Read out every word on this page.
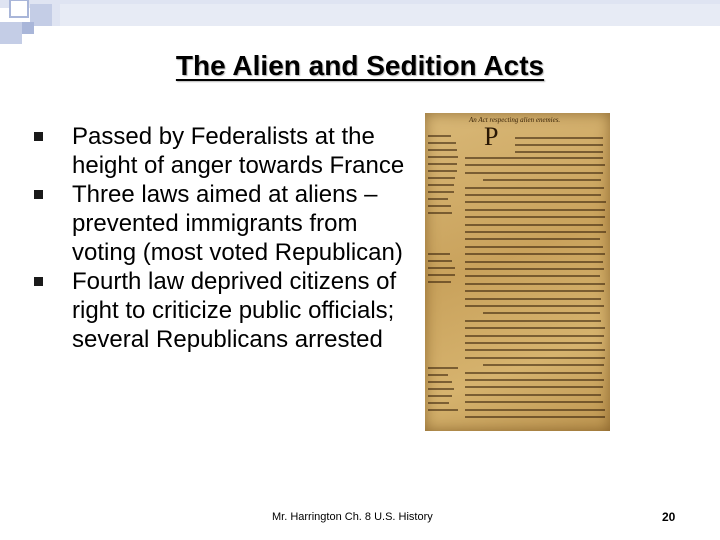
The Alien and Sedition Acts
Passed by Federalists at the height of anger towards France
Three laws aimed at aliens – prevented immigrants from voting (most voted Republican)
Fourth law deprived citizens of right to criticize public officials; several Republicans arrested
An Act respecting alien enemies.
P
Mr. Harrington Ch. 8 U.S. History	20
